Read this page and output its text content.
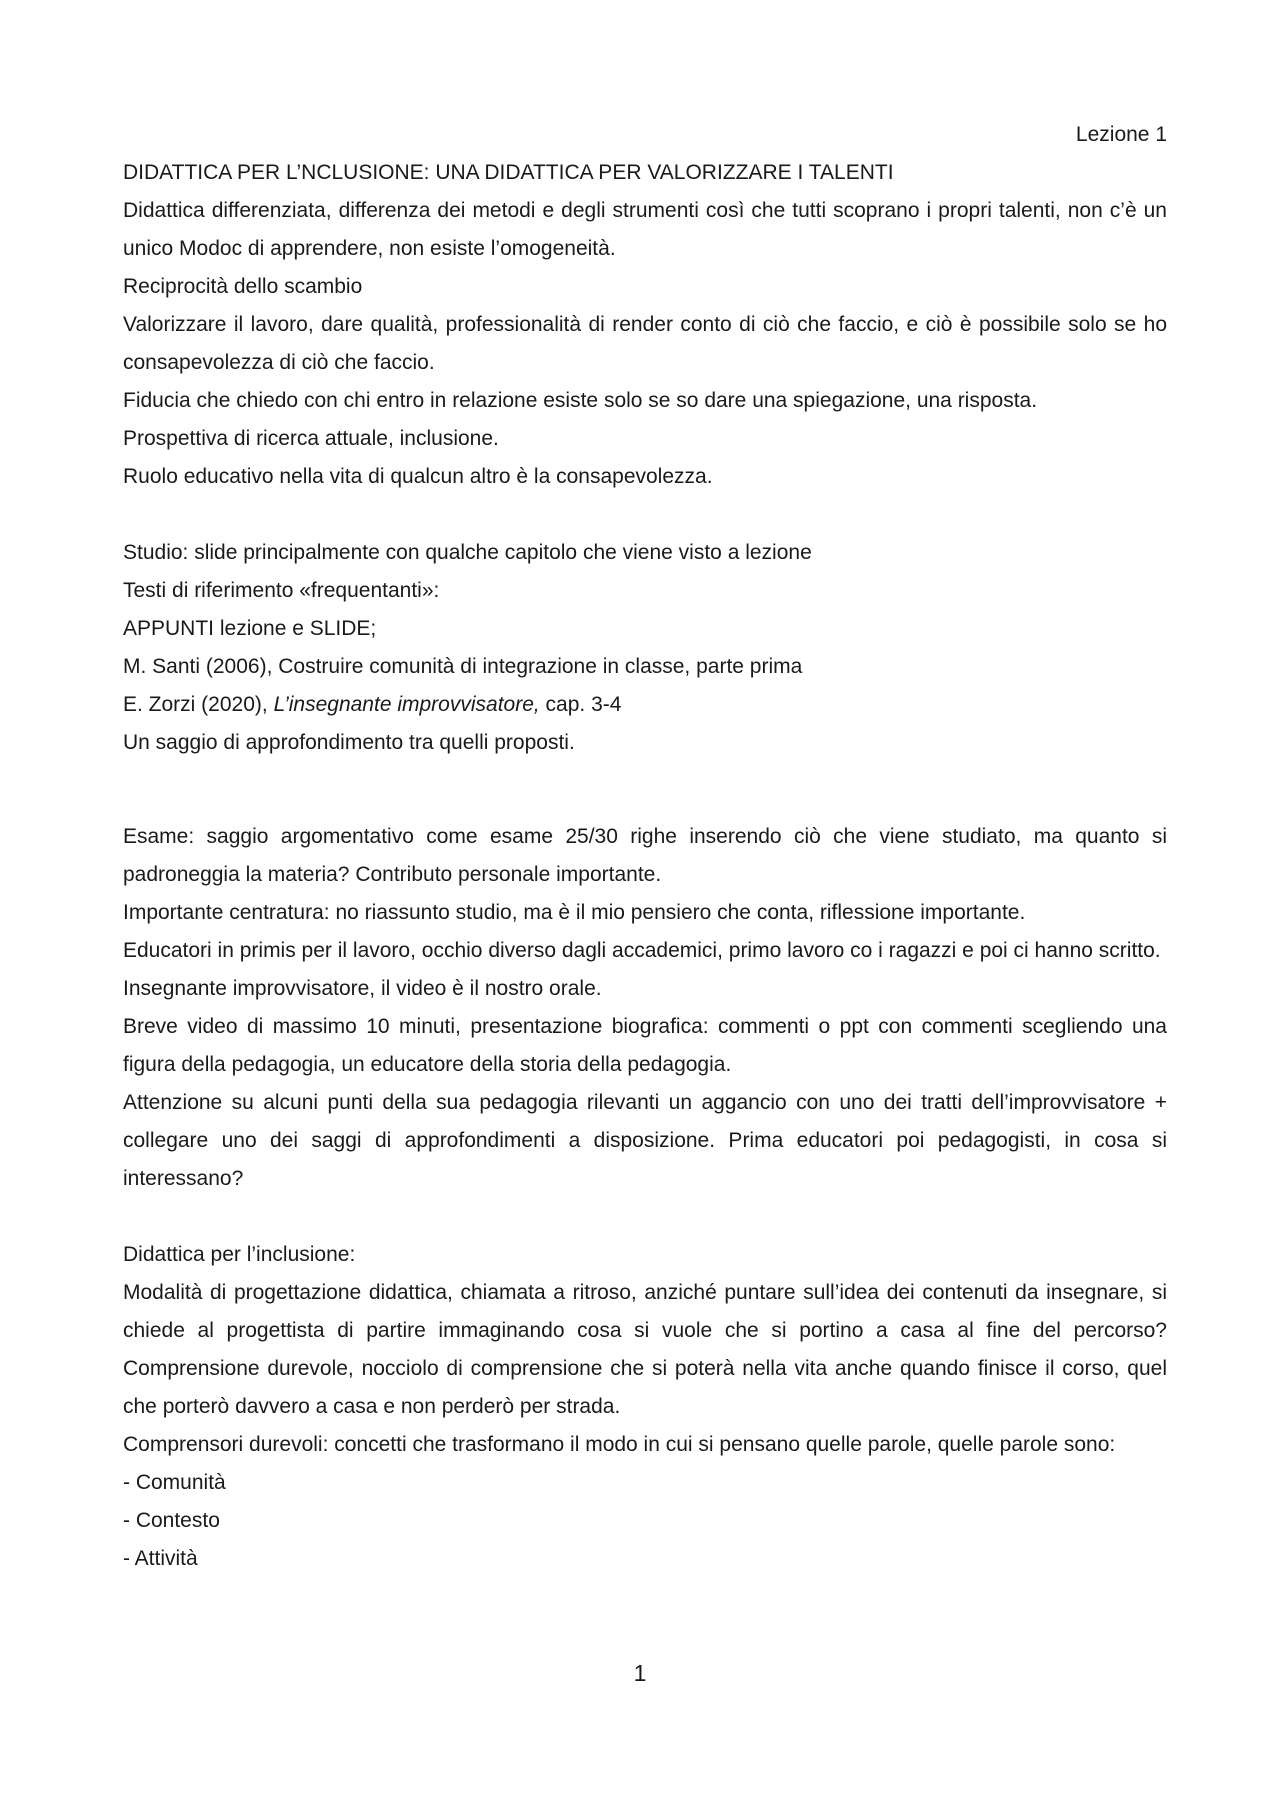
Lezione 1

DIDATTICA PER L’NCLUSIONE: UNA DIDATTICA PER VALORIZZARE I TALENTI

Didattica differenziata, differenza dei metodi e degli strumenti così che tutti scoprano i propri talenti, non c’è un unico Modoc di apprendere, non esiste l’omogeneità.

Reciprocità dello scambio

Valorizzare il lavoro, dare qualità, professionalità di render conto di ciò che faccio, e ciò è possibile solo se ho consapevolezza di ciò che faccio.

Fiducia che chiedo con chi entro in relazione esiste solo se so dare una spiegazione, una risposta.

Prospettiva di ricerca attuale, inclusione.

Ruolo educativo nella vita di qualcun altro è la consapevolezza.

Studio: slide principalmente con qualche capitolo che viene visto a lezione

Testi di riferimento «frequentanti»:

APPUNTI lezione e SLIDE;

M. Santi (2006), Costruire comunità di integrazione in classe, parte prima

E. Zorzi (2020), L’insegnante improvvisatore, cap. 3-4

Un saggio di approfondimento tra quelli proposti.

Esame: saggio argomentativo come esame 25/30 righe inserendo ciò che viene studiato, ma quanto si padroneggia la materia? Contributo personale importante.

Importante centratura: no riassunto studio, ma è il mio pensiero che conta, riflessione importante.

Educatori in primis per il lavoro, occhio diverso dagli accademici, primo lavoro co i ragazzi e poi ci hanno scritto.

Insegnante improvvisatore, il video è il nostro orale.

Breve video di massimo 10 minuti, presentazione biografica: commenti o ppt con commenti scegliendo una figura della pedagogia, un educatore della storia della pedagogia.

Attenzione su alcuni punti della sua pedagogia rilevanti un aggancio con uno dei tratti dell’improvvisatore + collegare uno dei saggi di approfondimenti a disposizione. Prima educatori poi pedagogisti, in cosa si interessano?

Didattica per l’inclusione:

Modalità di progettazione didattica, chiamata a ritroso, anziché puntare sull’idea dei contenuti da insegnare, si chiede al progettista di partire immaginando cosa si vuole che si portino a casa al fine del percorso? Comprensione durevole, nocciolo di comprensione che si poterà nella vita anche quando finisce il corso, quel che porterò davvero a casa e non perderò per strada.

Comprensori durevoli: concetti che trasformano il modo in cui si pensano quelle parole, quelle parole sono:

- Comunità

- Contesto

- Attività

1
